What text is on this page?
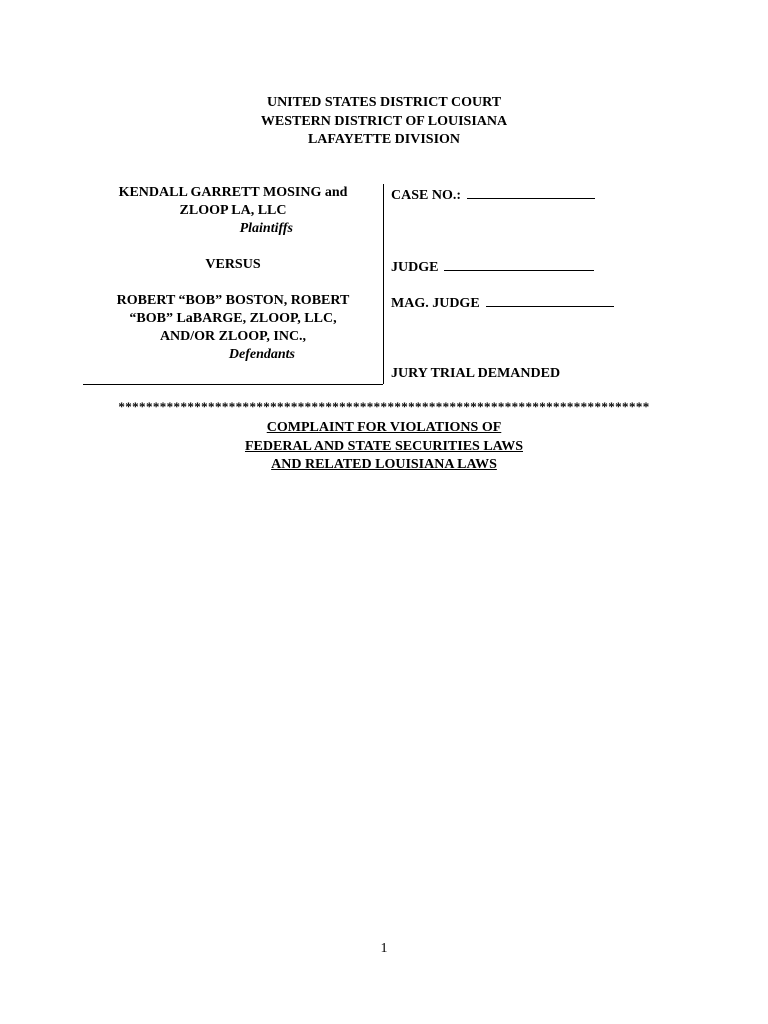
UNITED STATES DISTRICT COURT
WESTERN DISTRICT OF LOUISIANA
LAFAYETTE DIVISION
KENDALL GARRETT MOSING and
ZLOOP LA, LLC
Plaintiffs
VERSUS
ROBERT “BOB” BOSTON, ROBERT
“BOB” LaBARGE, ZLOOP, LLC,
AND/OR ZLOOP, INC.,
Defendants
CASE NO.:
JUDGE
MAG. JUDGE
JURY TRIAL DEMANDED
*****************************************************************************
COMPLAINT FOR VIOLATIONS OF
FEDERAL AND STATE SECURITIES LAWS
AND RELATED LOUISIANA LAWS
1
